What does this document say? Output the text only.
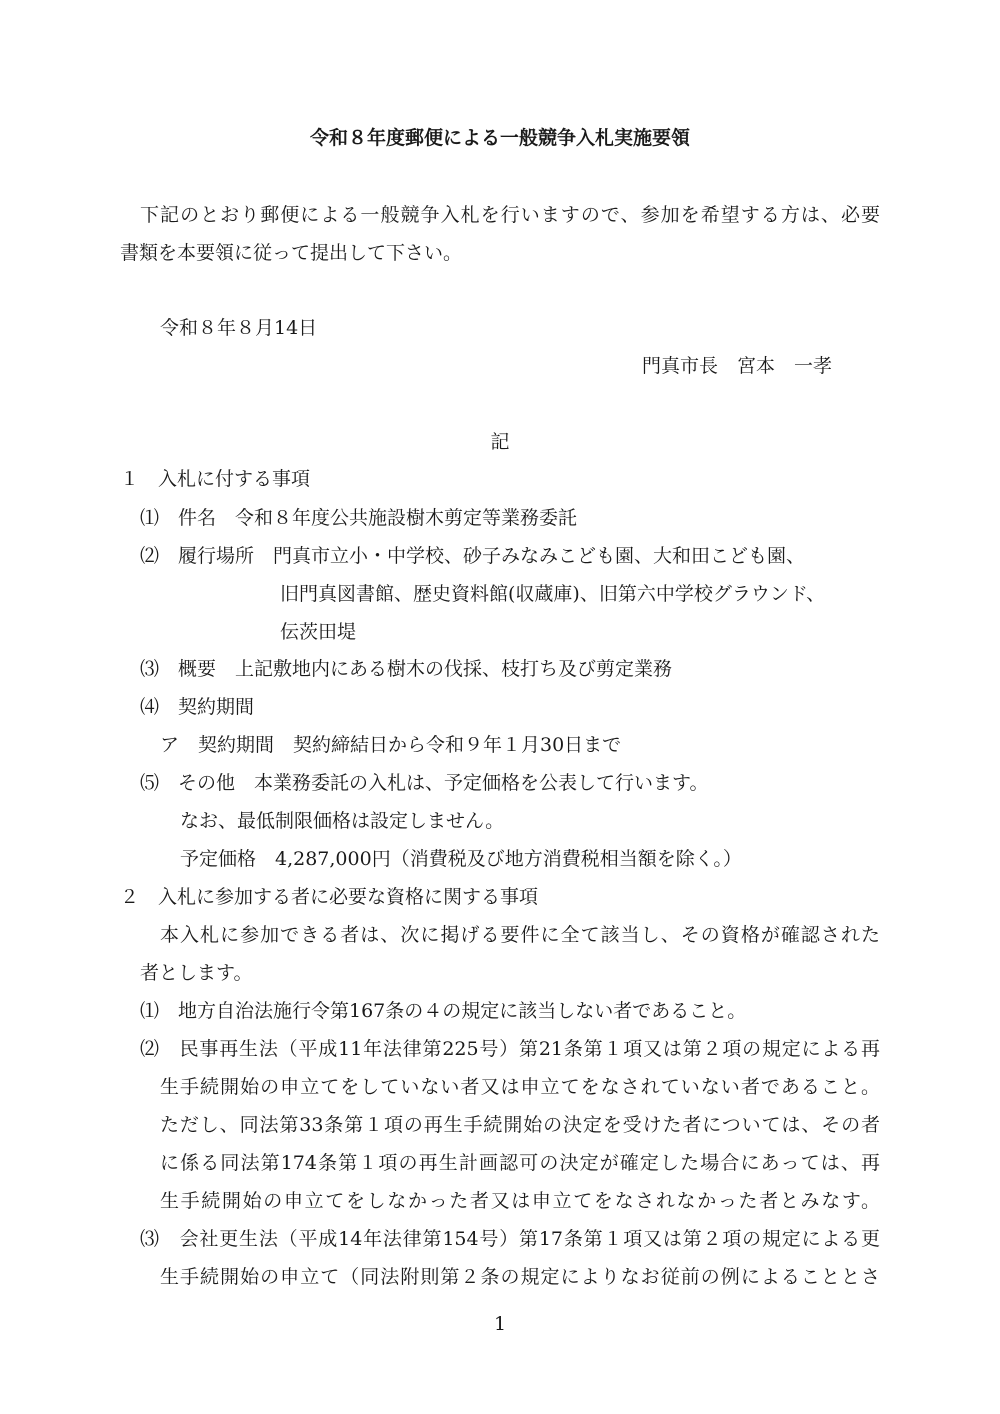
令和８年度郵便による一般競争入札実施要領
下記のとおり郵便による一般競争入札を行いますので、参加を希望する方は、必要
書類を本要領に従って提出して下さい。
令和８年８月14日
門真市長　宮本　一孝
記
１　入札に付する事項
⑴　件名　令和８年度公共施設樹木剪定等業務委託
⑵　履行場所　門真市立小・中学校、砂子みなみこども園、大和田こども園、
旧門真図書館、歴史資料館(収蔵庫)、旧第六中学校グラウンド、
伝茨田堤
⑶　概要　上記敷地内にある樹木の伐採、枝打ち及び剪定業務
⑷　契約期間
ア　契約期間　契約締結日から令和９年１月30日まで
⑸　その他　本業務委託の入札は、予定価格を公表して行います。
なお、最低制限価格は設定しません。
予定価格　4,287,000円（消費税及び地方消費税相当額を除く。）
２　入札に参加する者に必要な資格に関する事項
本入札に参加できる者は、次に掲げる要件に全て該当し、その資格が確認された
者とします。
⑴　地方自治法施行令第167条の４の規定に該当しない者であること。
⑵　民事再生法（平成11年法律第225号）第21条第１項又は第２項の規定による再
生手続開始の申立てをしていない者又は申立てをなされていない者であること。
ただし、同法第33条第１項の再生手続開始の決定を受けた者については、その者
に係る同法第174条第１項の再生計画認可の決定が確定した場合にあっては、再
生手続開始の申立てをしなかった者又は申立てをなされなかった者とみなす。
⑶　会社更生法（平成14年法律第154号）第17条第１項又は第２項の規定による更
生手続開始の申立て（同法附則第２条の規定によりなお従前の例によることとさ
1
